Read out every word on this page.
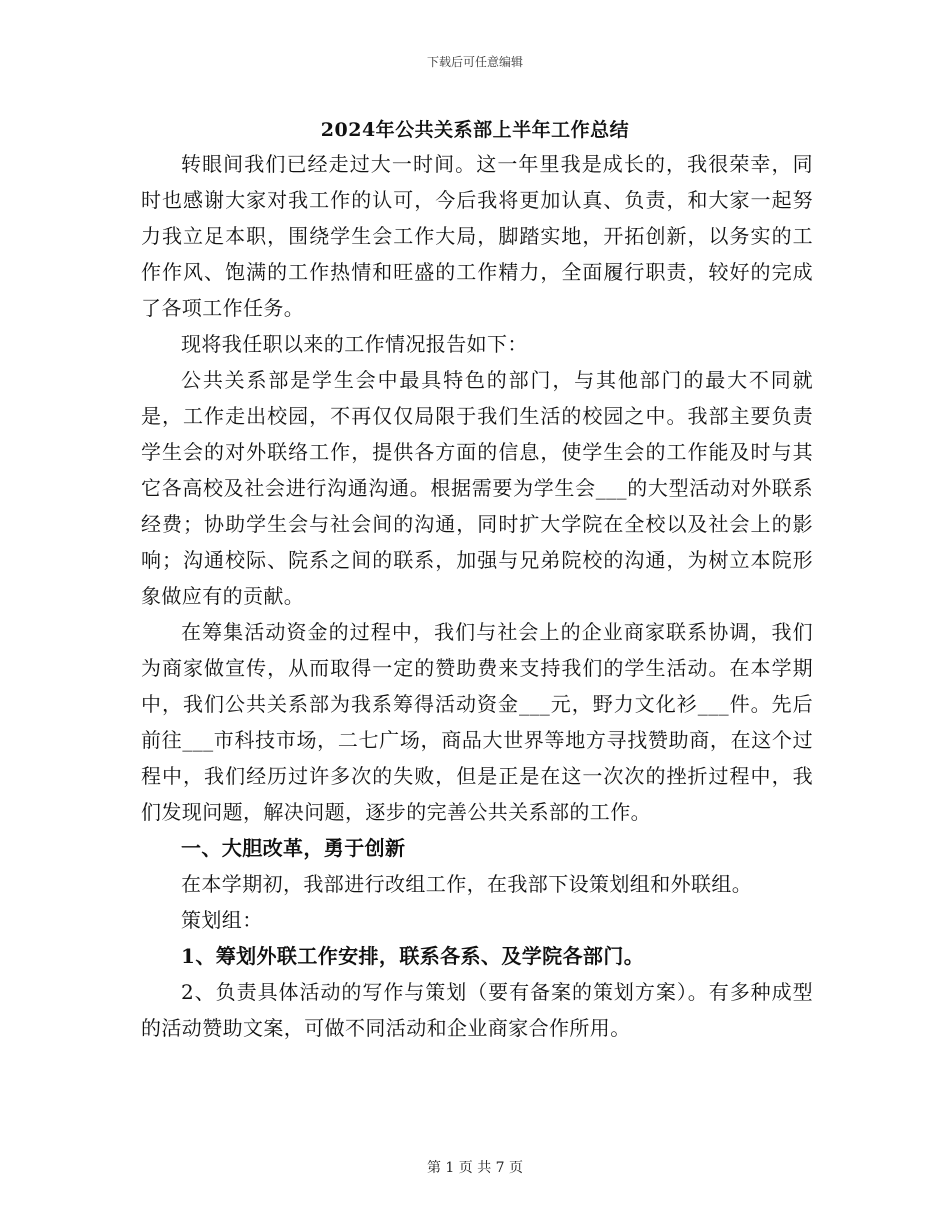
下载后可任意编辑
2024年公共关系部上半年工作总结

转眼间我们已经走过大一时间。这一年里我是成长的，我很荣幸，同时也感谢大家对我工作的认可，今后我将更加认真、负责，和大家一起努力我立足本职，围绕学生会工作大局，脚踏实地，开拓创新，以务实的工作作风、饱满的工作热情和旺盛的工作精力，全面履行职责，较好的完成了各项工作任务。

现将我任职以来的工作情况报告如下：

公共关系部是学生会中最具特色的部门，与其他部门的最大不同就是，工作走出校园，不再仅仅局限于我们生活的校园之中。我部主要负责学生会的对外联络工作，提供各方面的信息，使学生会的工作能及时与其它各高校及社会进行沟通沟通。根据需要为学生会___的大型活动对外联系经费；协助学生会与社会间的沟通，同时扩大学院在全校以及社会上的影响；沟通校际、院系之间的联系，加强与兄弟院校的沟通，为树立本院形象做应有的贡献。

在筹集活动资金的过程中，我们与社会上的企业商家联系协调，我们为商家做宣传，从而取得一定的赞助费来支持我们的学生活动。在本学期中，我们公共关系部为我系筹得活动资金___元，野力文化衫___件。先后前往___市科技市场，二七广场，商品大世界等地方寻找赞助商，在这个过程中，我们经历过许多次的失败，但是正是在这一次次的挫折过程中，我们发现问题，解决问题，逐步的完善公共关系部的工作。

一、大胆改革，勇于创新

在本学期初，我部进行改组工作，在我部下设策划组和外联组。

策划组：

1、筹划外联工作安排，联系各系、及学院各部门。

2、负责具体活动的写作与策划（要有备案的策划方案）。有多种成型的活动赞助文案，可做不同活动和企业商家合作所用。

第 1 页 共 7 页
